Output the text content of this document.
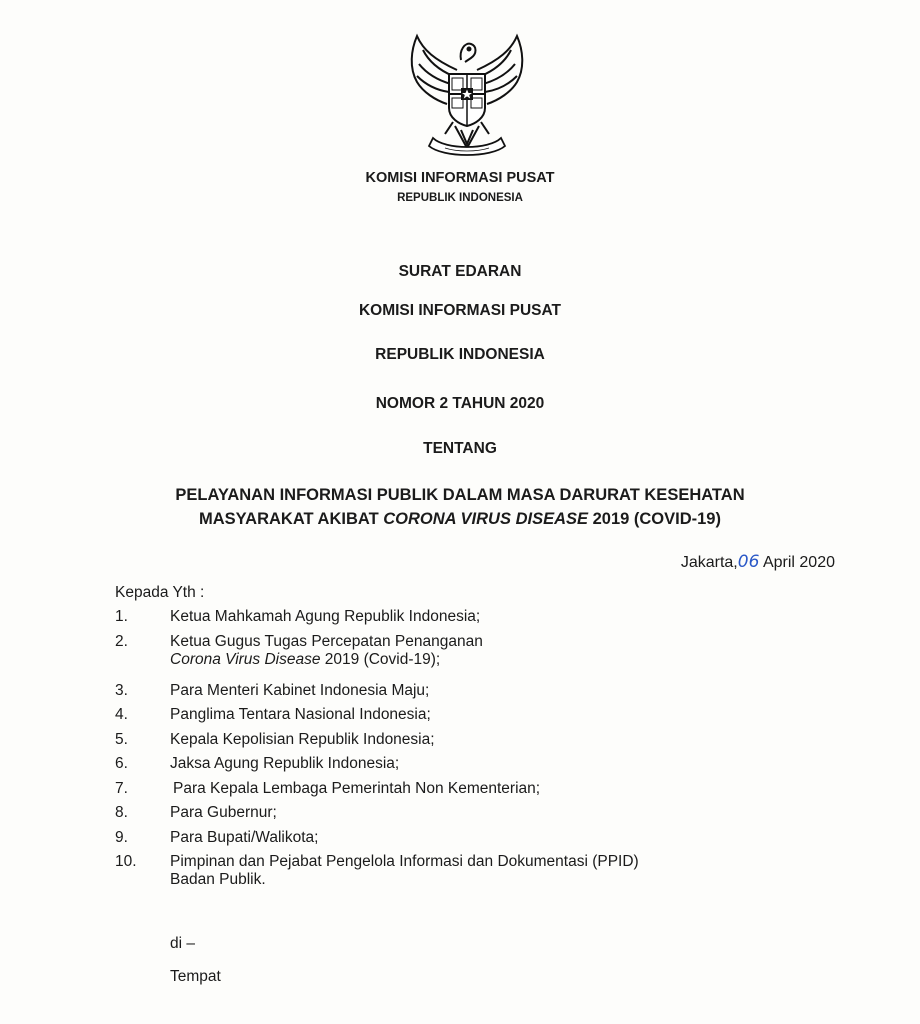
KOMISI INFORMASI PUSAT
REPUBLIK INDONESIA
SURAT EDARAN
KOMISI INFORMASI PUSAT
REPUBLIK INDONESIA
NOMOR 2 TAHUN 2020
TENTANG
PELAYANAN INFORMASI PUBLIK DALAM MASA DARURAT KESEHATAN
MASYARAKAT AKIBAT CORONA VIRUS DISEASE 2019 (COVID-19)
Jakarta,06 April 2020
Kepada Yth :
1.	Ketua Mahkamah Agung Republik Indonesia;
2.	Ketua Gugus Tugas Percepatan Penanganan
Corona Virus Disease 2019 (Covid-19);
3.	Para Menteri Kabinet Indonesia Maju;
4.	Panglima Tentara Nasional Indonesia;
5.	Kepala Kepolisian Republik Indonesia;
6.	Jaksa Agung Republik Indonesia;
7.	Para Kepala Lembaga Pemerintah Non Kementerian;
8.	Para Gubernur;
9.	Para Bupati/Walikota;
10.	Pimpinan dan Pejabat Pengelola Informasi dan Dokumentasi (PPID)
Badan Publik.
di –
Tempat
